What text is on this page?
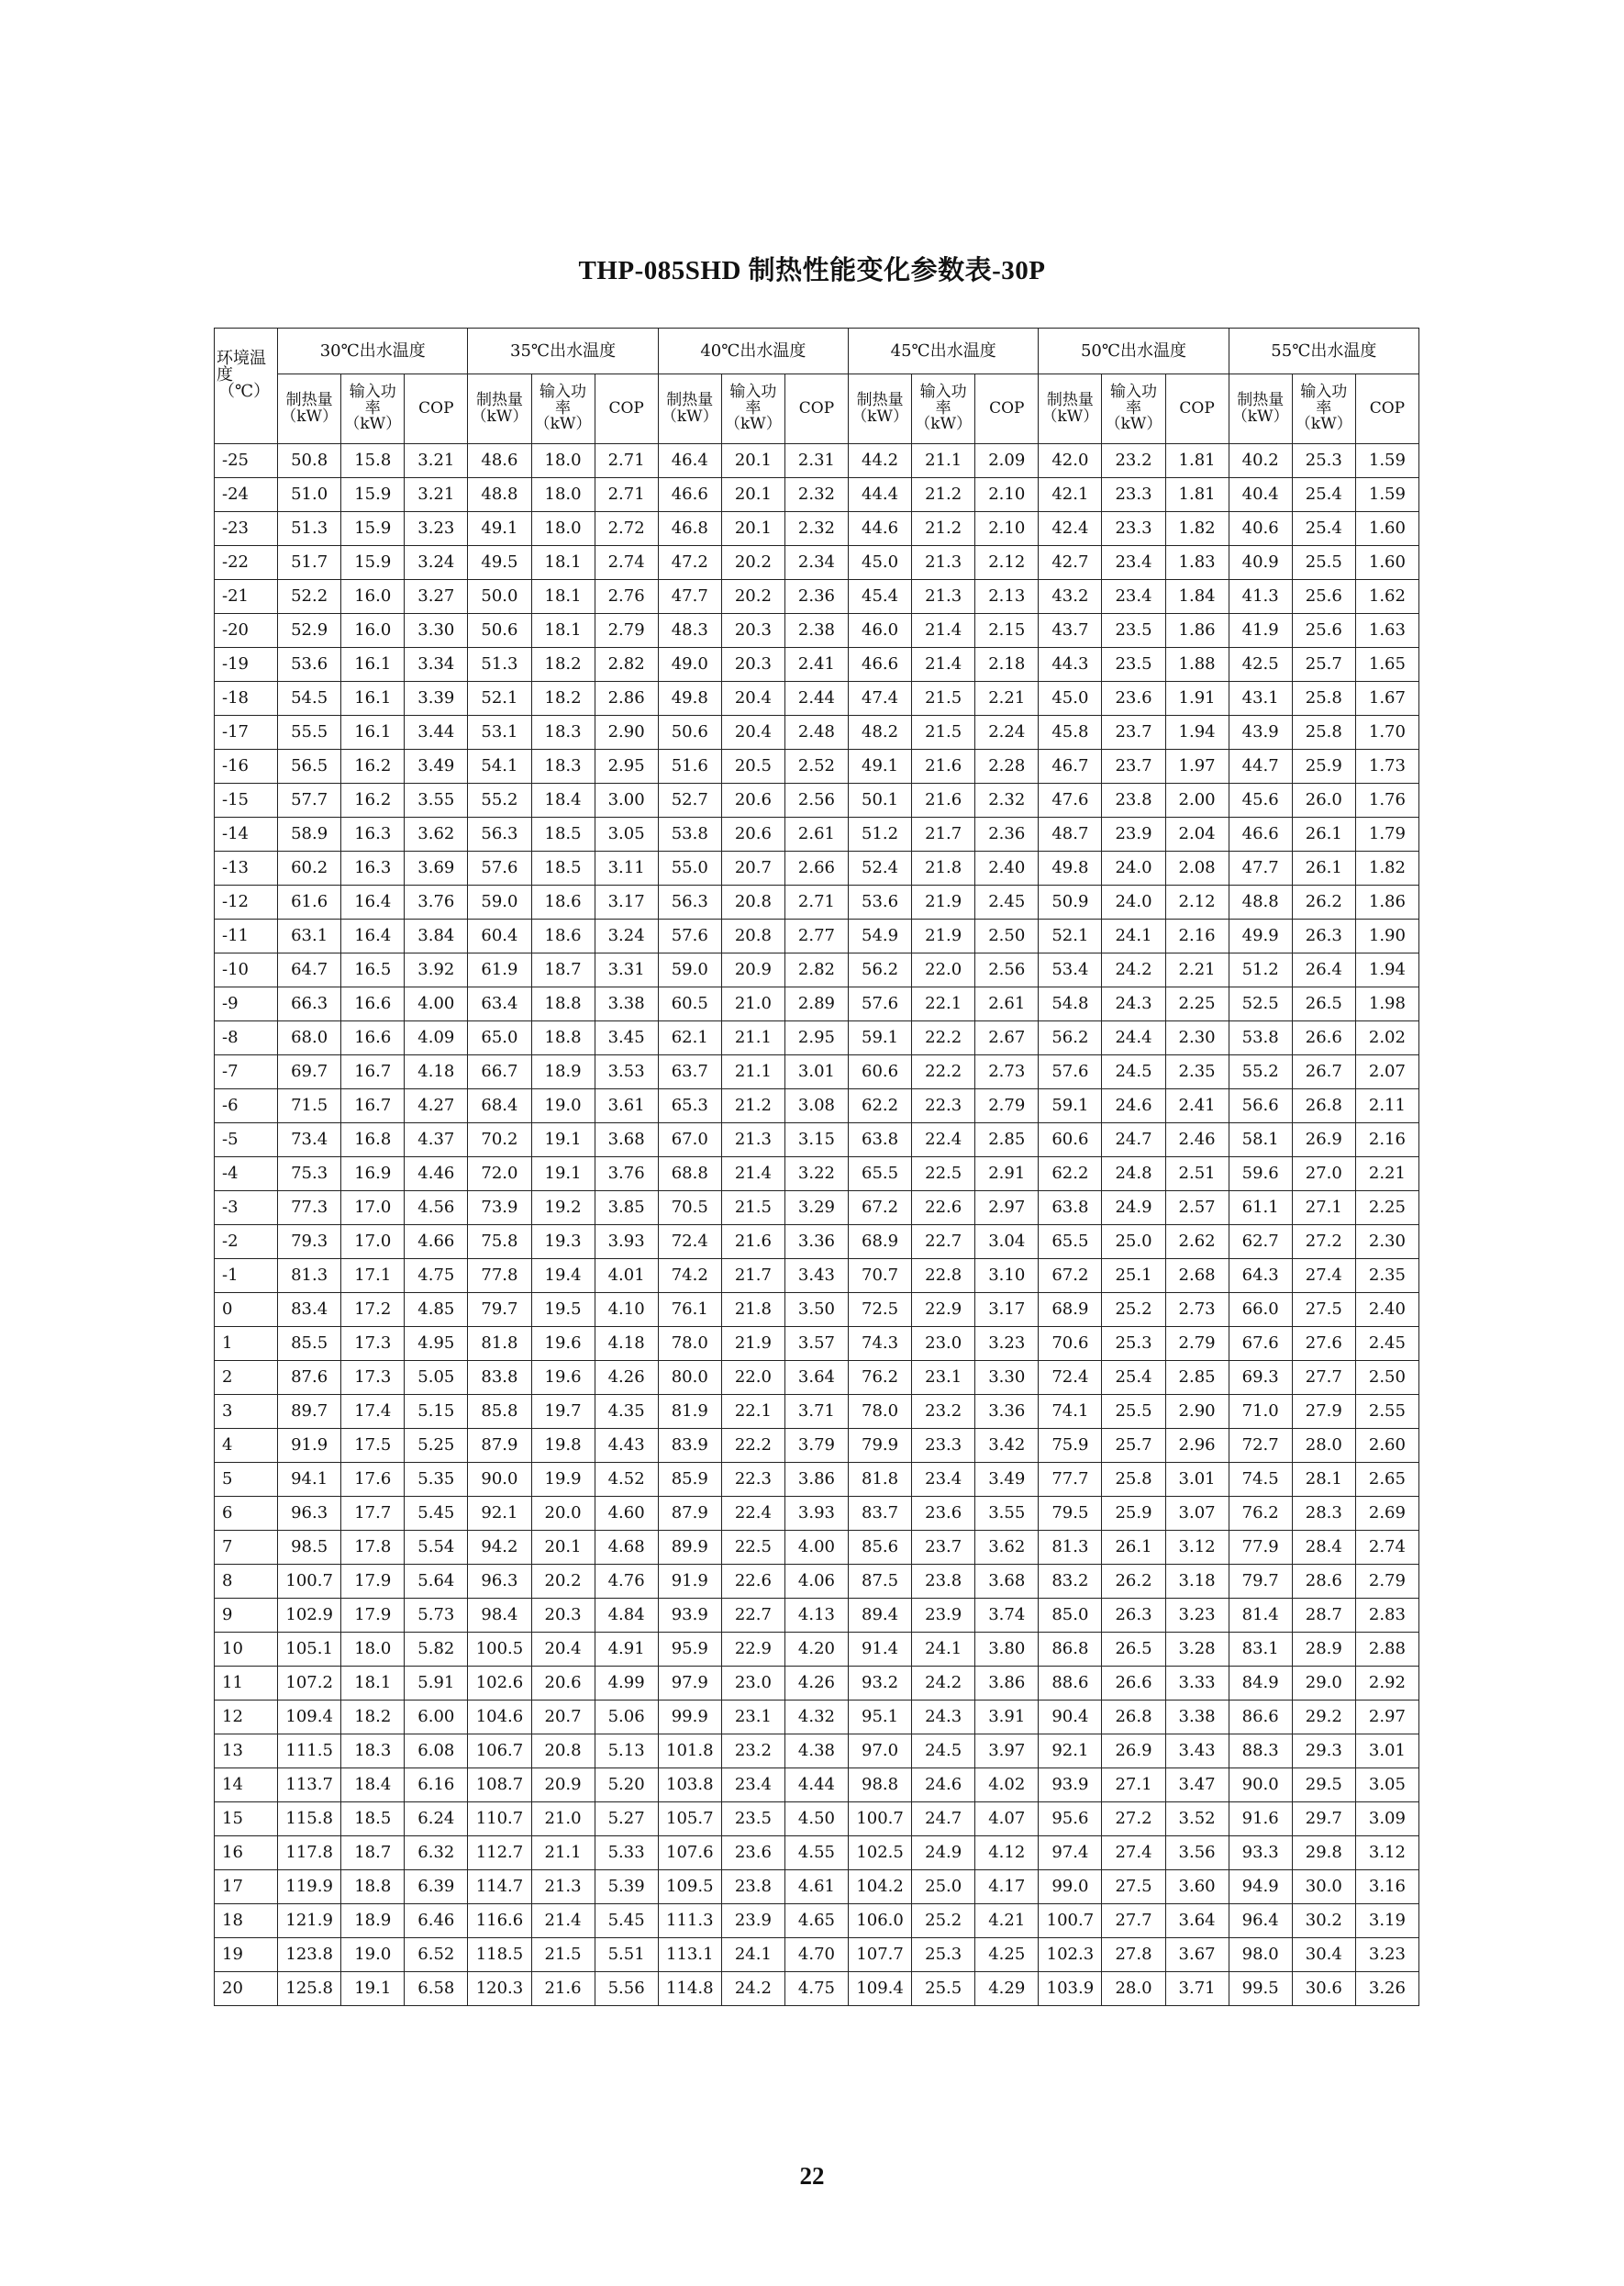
THP-085SHD 制热性能变化参数表-30P
环境温
度
（℃）	30℃出水温度			35℃出水温度			40℃出水温度			45℃出水温度			50℃出水温度			55℃出水温度		

	制热量
（kW）	输入功
率
（kW）	COP	制热量
（kW）	输入功
率
（kW）	COP	制热量
（kW）	输入功
率
（kW）	COP	制热量
（kW）	输入功
率
（kW）	COP	制热量
（kW）	输入功
率
（kW）	COP	制热量
（kW）	输入功
率
（kW）	COP

-25	50.8	15.8	3.21	48.6	18.0	2.71	46.4	20.1	2.31	44.2	21.1	2.09	42.0	23.2	1.81	40.2	25.3	1.59
-24	51.0	15.9	3.21	48.8	18.0	2.71	46.6	20.1	2.32	44.4	21.2	2.10	42.1	23.3	1.81	40.4	25.4	1.59
-23	51.3	15.9	3.23	49.1	18.0	2.72	46.8	20.1	2.32	44.6	21.2	2.10	42.4	23.3	1.82	40.6	25.4	1.60
-22	51.7	15.9	3.24	49.5	18.1	2.74	47.2	20.2	2.34	45.0	21.3	2.12	42.7	23.4	1.83	40.9	25.5	1.60
-21	52.2	16.0	3.27	50.0	18.1	2.76	47.7	20.2	2.36	45.4	21.3	2.13	43.2	23.4	1.84	41.3	25.6	1.62
-20	52.9	16.0	3.30	50.6	18.1	2.79	48.3	20.3	2.38	46.0	21.4	2.15	43.7	23.5	1.86	41.9	25.6	1.63
-19	53.6	16.1	3.34	51.3	18.2	2.82	49.0	20.3	2.41	46.6	21.4	2.18	44.3	23.5	1.88	42.5	25.7	1.65
-18	54.5	16.1	3.39	52.1	18.2	2.86	49.8	20.4	2.44	47.4	21.5	2.21	45.0	23.6	1.91	43.1	25.8	1.67
-17	55.5	16.1	3.44	53.1	18.3	2.90	50.6	20.4	2.48	48.2	21.5	2.24	45.8	23.7	1.94	43.9	25.8	1.70
-16	56.5	16.2	3.49	54.1	18.3	2.95	51.6	20.5	2.52	49.1	21.6	2.28	46.7	23.7	1.97	44.7	25.9	1.73
-15	57.7	16.2	3.55	55.2	18.4	3.00	52.7	20.6	2.56	50.1	21.6	2.32	47.6	23.8	2.00	45.6	26.0	1.76
-14	58.9	16.3	3.62	56.3	18.5	3.05	53.8	20.6	2.61	51.2	21.7	2.36	48.7	23.9	2.04	46.6	26.1	1.79
-13	60.2	16.3	3.69	57.6	18.5	3.11	55.0	20.7	2.66	52.4	21.8	2.40	49.8	24.0	2.08	47.7	26.1	1.82
-12	61.6	16.4	3.76	59.0	18.6	3.17	56.3	20.8	2.71	53.6	21.9	2.45	50.9	24.0	2.12	48.8	26.2	1.86
-11	63.1	16.4	3.84	60.4	18.6	3.24	57.6	20.8	2.77	54.9	21.9	2.50	52.1	24.1	2.16	49.9	26.3	1.90
-10	64.7	16.5	3.92	61.9	18.7	3.31	59.0	20.9	2.82	56.2	22.0	2.56	53.4	24.2	2.21	51.2	26.4	1.94
-9	66.3	16.6	4.00	63.4	18.8	3.38	60.5	21.0	2.89	57.6	22.1	2.61	54.8	24.3	2.25	52.5	26.5	1.98
-8	68.0	16.6	4.09	65.0	18.8	3.45	62.1	21.1	2.95	59.1	22.2	2.67	56.2	24.4	2.30	53.8	26.6	2.02
-7	69.7	16.7	4.18	66.7	18.9	3.53	63.7	21.1	3.01	60.6	22.2	2.73	57.6	24.5	2.35	55.2	26.7	2.07
-6	71.5	16.7	4.27	68.4	19.0	3.61	65.3	21.2	3.08	62.2	22.3	2.79	59.1	24.6	2.41	56.6	26.8	2.11
-5	73.4	16.8	4.37	70.2	19.1	3.68	67.0	21.3	3.15	63.8	22.4	2.85	60.6	24.7	2.46	58.1	26.9	2.16
-4	75.3	16.9	4.46	72.0	19.1	3.76	68.8	21.4	3.22	65.5	22.5	2.91	62.2	24.8	2.51	59.6	27.0	2.21
-3	77.3	17.0	4.56	73.9	19.2	3.85	70.5	21.5	3.29	67.2	22.6	2.97	63.8	24.9	2.57	61.1	27.1	2.25
-2	79.3	17.0	4.66	75.8	19.3	3.93	72.4	21.6	3.36	68.9	22.7	3.04	65.5	25.0	2.62	62.7	27.2	2.30
-1	81.3	17.1	4.75	77.8	19.4	4.01	74.2	21.7	3.43	70.7	22.8	3.10	67.2	25.1	2.68	64.3	27.4	2.35
0	83.4	17.2	4.85	79.7	19.5	4.10	76.1	21.8	3.50	72.5	22.9	3.17	68.9	25.2	2.73	66.0	27.5	2.40
1	85.5	17.3	4.95	81.8	19.6	4.18	78.0	21.9	3.57	74.3	23.0	3.23	70.6	25.3	2.79	67.6	27.6	2.45
2	87.6	17.3	5.05	83.8	19.6	4.26	80.0	22.0	3.64	76.2	23.1	3.30	72.4	25.4	2.85	69.3	27.7	2.50
3	89.7	17.4	5.15	85.8	19.7	4.35	81.9	22.1	3.71	78.0	23.2	3.36	74.1	25.5	2.90	71.0	27.9	2.55
4	91.9	17.5	5.25	87.9	19.8	4.43	83.9	22.2	3.79	79.9	23.3	3.42	75.9	25.7	2.96	72.7	28.0	2.60
5	94.1	17.6	5.35	90.0	19.9	4.52	85.9	22.3	3.86	81.8	23.4	3.49	77.7	25.8	3.01	74.5	28.1	2.65
6	96.3	17.7	5.45	92.1	20.0	4.60	87.9	22.4	3.93	83.7	23.6	3.55	79.5	25.9	3.07	76.2	28.3	2.69
7	98.5	17.8	5.54	94.2	20.1	4.68	89.9	22.5	4.00	85.6	23.7	3.62	81.3	26.1	3.12	77.9	28.4	2.74
8	100.7	17.9	5.64	96.3	20.2	4.76	91.9	22.6	4.06	87.5	23.8	3.68	83.2	26.2	3.18	79.7	28.6	2.79
9	102.9	17.9	5.73	98.4	20.3	4.84	93.9	22.7	4.13	89.4	23.9	3.74	85.0	26.3	3.23	81.4	28.7	2.83
10	105.1	18.0	5.82	100.5	20.4	4.91	95.9	22.9	4.20	91.4	24.1	3.80	86.8	26.5	3.28	83.1	28.9	2.88
11	107.2	18.1	5.91	102.6	20.6	4.99	97.9	23.0	4.26	93.2	24.2	3.86	88.6	26.6	3.33	84.9	29.0	2.92
12	109.4	18.2	6.00	104.6	20.7	5.06	99.9	23.1	4.32	95.1	24.3	3.91	90.4	26.8	3.38	86.6	29.2	2.97
13	111.5	18.3	6.08	106.7	20.8	5.13	101.8	23.2	4.38	97.0	24.5	3.97	92.1	26.9	3.43	88.3	29.3	3.01
14	113.7	18.4	6.16	108.7	20.9	5.20	103.8	23.4	4.44	98.8	24.6	4.02	93.9	27.1	3.47	90.0	29.5	3.05
15	115.8	18.5	6.24	110.7	21.0	5.27	105.7	23.5	4.50	100.7	24.7	4.07	95.6	27.2	3.52	91.6	29.7	3.09
16	117.8	18.7	6.32	112.7	21.1	5.33	107.6	23.6	4.55	102.5	24.9	4.12	97.4	27.4	3.56	93.3	29.8	3.12
17	119.9	18.8	6.39	114.7	21.3	5.39	109.5	23.8	4.61	104.2	25.0	4.17	99.0	27.5	3.60	94.9	30.0	3.16
18	121.9	18.9	6.46	116.6	21.4	5.45	111.3	23.9	4.65	106.0	25.2	4.21	100.7	27.7	3.64	96.4	30.2	3.19
19	123.8	19.0	6.52	118.5	21.5	5.51	113.1	24.1	4.70	107.7	25.3	4.25	102.3	27.8	3.67	98.0	30.4	3.23
20	125.8	19.1	6.58	120.3	21.6	5.56	114.8	24.2	4.75	109.4	25.5	4.29	103.9	28.0	3.71	99.5	30.6	3.26
22
